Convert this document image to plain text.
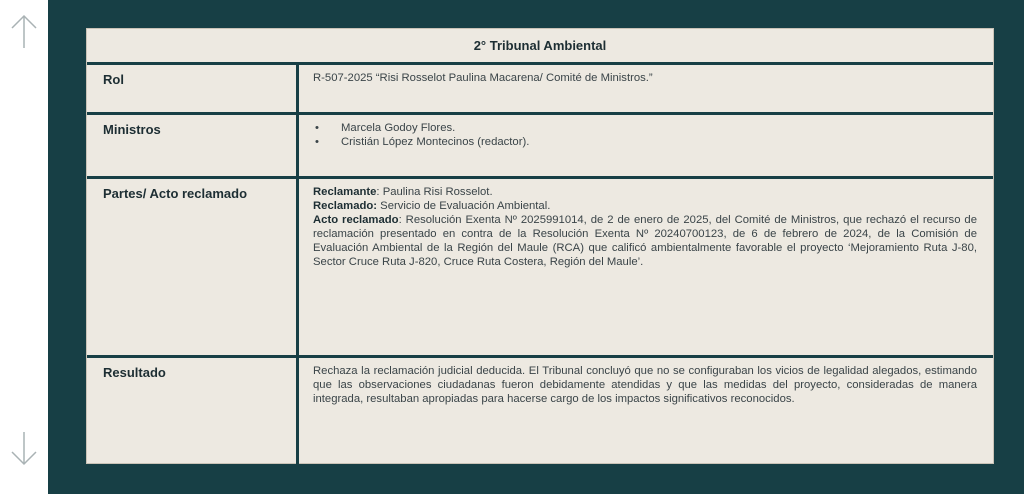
2° Tribunal Ambiental
Rol	R-507-2025 “Risi Rosselot Paulina Macarena/ Comité de Ministros.”
Ministros
•	Marcela Godoy Flores.
• Cristián López Montecinos (redactor).
Partes/ Acto reclamado	Reclamante: Paulina Risi Rosselot.
Reclamado: Servicio de Evaluación Ambiental.
Acto reclamado: Resolución Exenta Nº 2025991014, de 2 de enero de 2025, del Comité de Ministros, que rechazó el recurso de reclamación presentado en contra de la Resolución Exenta Nº 20240700123, de 6 de febrero de 2024, de la Comisión de Evaluación Ambiental de la Región del Maule (RCA) que calificó ambientalmente favorable el proyecto ‘Mejoramiento Ruta J-80, Sector Cruce Ruta J-820, Cruce Ruta Costera, Región del Maule’.
Resultado	Rechaza la reclamación judicial deducida. El Tribunal concluyó que no se configuraban los vicios de legalidad alegados, estimando que las observaciones ciudadanas fueron debidamente atendidas y que las medidas del proyecto, consideradas de manera integrada, resultaban apropiadas para hacerse cargo de los impactos significativos reconocidos.
